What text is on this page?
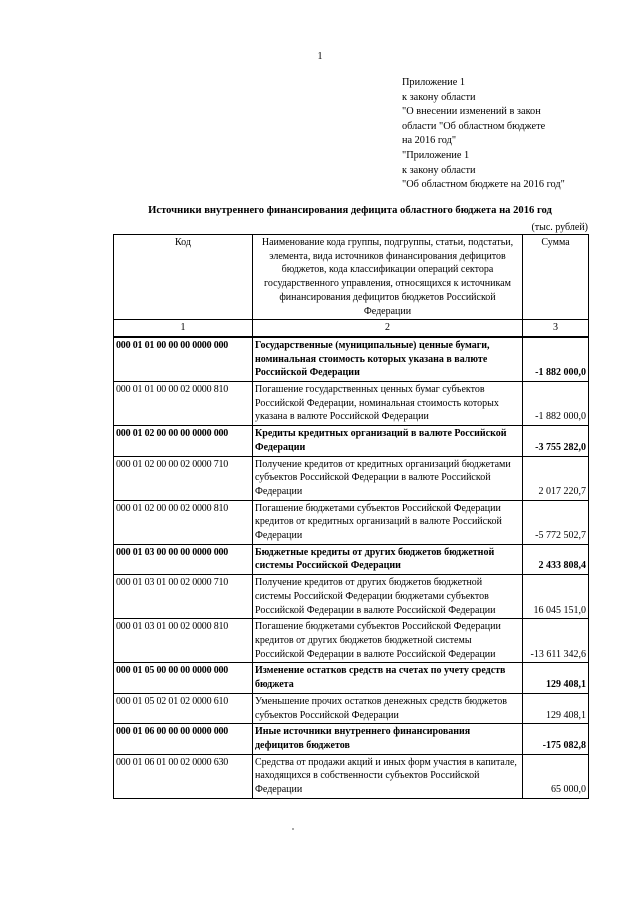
1
Приложение 1
к закону области
"О внесении изменений в закон
области "Об областном бюджете
на 2016 год"
"Приложение 1
к закону области
"Об областном бюджете на 2016 год"
Источники внутреннего финансирования дефицита областного бюджета на 2016 год
(тыс. рублей)
Код	Наименование кода группы, подгруппы, статьи, подстатьи, элемента, вида источников финансирования дефицитов бюджетов, кода классификации операций сектора государственного управления, относящихся к источникам финансирования дефицитов бюджетов Российской Федерации	Сумма
1	2	3
000 01 01 00 00 00 0000 000	Государственные (муниципальные) ценные бумаги, номинальная стоимость которых указана в валюте Российской Федерации	-1 882 000,0
000 01 01 00 00 02 0000 810	Погашение государственных ценных бумаг субъектов Российской Федерации, номинальная стоимость которых указана в валюте Российской Федерации	-1 882 000,0
000 01 02 00 00 00 0000 000	Кредиты кредитных организаций в валюте Российской Федерации	-3 755 282,0
000 01 02 00 00 02 0000 710	Получение кредитов от кредитных организаций бюджетами субъектов Российской Федерации в валюте Российской Федерации	2 017 220,7
000 01 02 00 00 02 0000 810	Погашение бюджетами субъектов Российской Федерации кредитов от кредитных организаций в валюте Российской Федерации	-5 772 502,7
000 01 03 00 00 00 0000 000	Бюджетные кредиты от других бюджетов бюджетной системы Российской Федерации	2 433 808,4
000 01 03 01 00 02 0000 710	Получение кредитов от других бюджетов бюджетной системы Российской Федерации бюджетами субъектов Российской Федерации в валюте Российской Федерации	16 045 151,0
000 01 03 01 00 02 0000 810	Погашение бюджетами субъектов Российской Федерации кредитов от других бюджетов бюджетной системы Российской Федерации в валюте Российской Федерации	-13 611 342,6
000 01 05 00 00 00 0000 000	Изменение остатков средств на счетах по учету средств бюджета	129 408,1
000 01 05 02 01 02 0000 610	Уменьшение прочих остатков денежных средств бюджетов субъектов Российской Федерации	129 408,1
000 01 06 00 00 00 0000 000	Иные источники внутреннего финансирования дефицитов бюджетов	-175 082,8
000 01 06 01 00 02 0000 630	Средства от продажи акций и иных форм участия в капитале, находящихся в собственности субъектов Российской Федерации	65 000,0
